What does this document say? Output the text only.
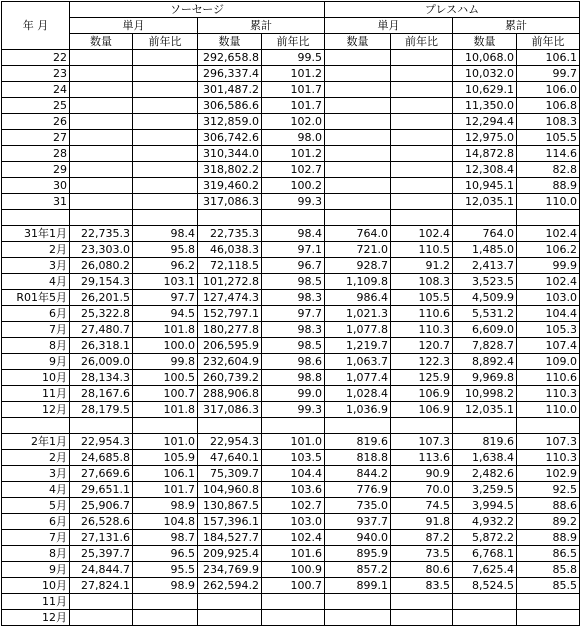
年 月	ソーセージ				プレスハム			
	単月		累計		単月		累計	
	数量	前年比	数量	前年比	数量	前年比	数量	前年比
22			292,658.8	99.5			10,068.0	106.1
23			296,337.4	101.2			10,032.0	99.7
24			301,487.2	101.7			10,629.1	106.0
25			306,586.6	101.7			11,350.0	106.8
26			312,859.0	102.0			12,294.4	108.3
27			306,742.6	98.0			12,975.0	105.5
28			310,344.0	101.2			14,872.8	114.6
29			318,802.2	102.7			12,308.4	82.8
30			319,460.2	100.2			10,945.1	88.9
31			317,086.3	99.3			12,035.1	110.0

31年1月	22,735.3	98.4	22,735.3	98.4	764.0	102.4	764.0	102.4
2月	23,303.0	95.8	46,038.3	97.1	721.0	110.5	1,485.0	106.2
3月	26,080.2	96.2	72,118.5	96.7	928.7	91.2	2,413.7	99.9
4月	29,154.3	103.1	101,272.8	98.5	1,109.8	108.3	3,523.5	102.4
R01年5月	26,201.5	97.7	127,474.3	98.3	986.4	105.5	4,509.9	103.0
6月	25,322.8	94.5	152,797.1	97.7	1,021.3	110.6	5,531.2	104.4
7月	27,480.7	101.8	180,277.8	98.3	1,077.8	110.3	6,609.0	105.3
8月	26,318.1	100.0	206,595.9	98.5	1,219.7	120.7	7,828.7	107.4
9月	26,009.0	99.8	232,604.9	98.6	1,063.7	122.3	8,892.4	109.0
10月	28,134.3	100.5	260,739.2	98.8	1,077.4	125.9	9,969.8	110.6
11月	28,167.6	100.7	288,906.8	99.0	1,028.4	106.9	10,998.2	110.3
12月	28,179.5	101.8	317,086.3	99.3	1,036.9	106.9	12,035.1	110.0

2年1月	22,954.3	101.0	22,954.3	101.0	819.6	107.3	819.6	107.3
2月	24,685.8	105.9	47,640.1	103.5	818.8	113.6	1,638.4	110.3
3月	27,669.6	106.1	75,309.7	104.4	844.2	90.9	2,482.6	102.9
4月	29,651.1	101.7	104,960.8	103.6	776.9	70.0	3,259.5	92.5
5月	25,906.7	98.9	130,867.5	102.7	735.0	74.5	3,994.5	88.6
6月	26,528.6	104.8	157,396.1	103.0	937.7	91.8	4,932.2	89.2
7月	27,131.6	98.7	184,527.7	102.4	940.0	87.2	5,872.2	88.9
8月	25,397.7	96.5	209,925.4	101.6	895.9	73.5	6,768.1	86.5
9月	24,844.7	95.5	234,769.9	100.9	857.2	80.6	7,625.4	85.8
10月	27,824.1	98.9	262,594.2	100.7	899.1	83.5	8,524.5	85.5
11月								
12月								
